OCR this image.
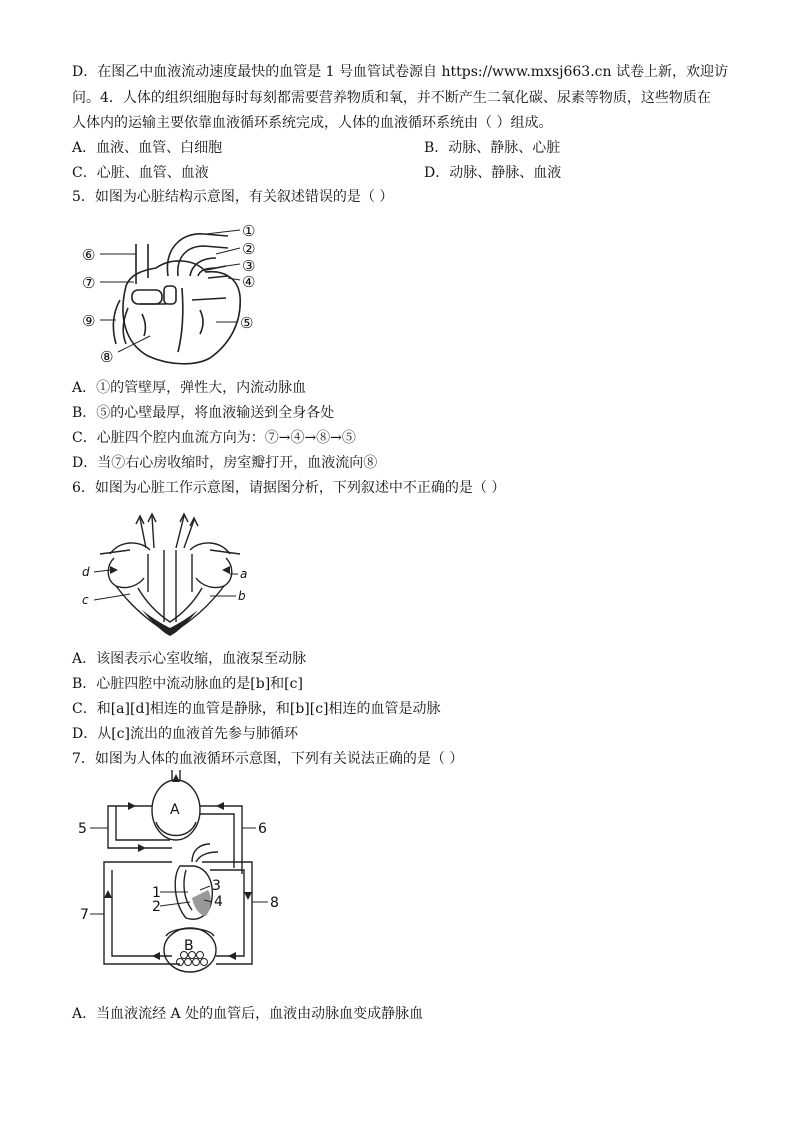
D．在图乙中血液流动速度最快的血管是 1 号血管试卷源自 https://www.mxsj663.cn 试卷上新，欢迎访
问。4．人体的组织细胞每时每刻都需要营养物质和氧，并不断产生二氧化碳、尿素等物质，这些物质在
人体内的运输主要依靠血液循环系统完成，人体的血液循环系统由（ ）组成。
A．血液、血管、白细胞	B．动脉、静脉、心脏
C．心脏、血管、血液	D．动脉、静脉、血液
5．如图为心脏结构示意图，有关叙述错误的是（ ）
①
②
③
④
⑤
⑥
⑦
⑧
⑨
A．①的管壁厚，弹性大，内流动脉血
B．⑤的心壁最厚，将血液输送到全身各处
C．心脏四个腔内血流方向为：⑦→④→⑧→⑤
D．当⑦右心房收缩时，房室瓣打开，血液流向⑧
6．如图为心脏工作示意图，请据图分析，下列叙述中不正确的是（ ）
d
c
a
b
A．该图表示心室收缩，血液泵至动脉
B．心脏四腔中流动脉血的是[b]和[c]
C．和[a][d]相连的血管是静脉，和[b][c]相连的血管是动脉
D．从[c]流出的血液首先参与肺循环
7．如图为人体的血液循环示意图，下列有关说法正确的是（ ）
A
B
5	6
7
8
1
2
3
4
A．当血液流经 A 处的血管后，血液由动脉血变成静脉血
